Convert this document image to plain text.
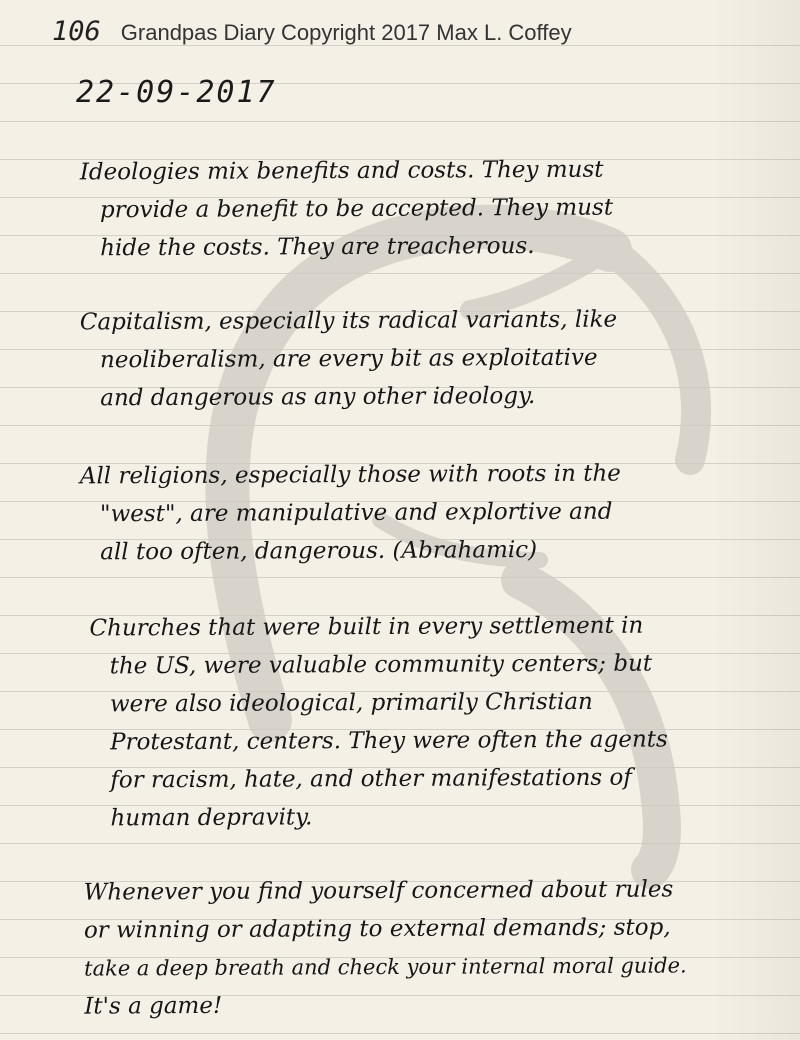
106 Grandpas Diary Copyright 2017 Max L. Coffey
22-09-2017
Ideologies mix benefits and costs. They must
provide a benefit to be accepted. They must
hide the costs. They are treacherous.
Capitalism, especially its radical variants, like
neoliberalism, are every bit as exploitative
and dangerous as any other ideology.
All religions, especially those with roots in the
"west", are manipulative and explortive and
all too often, dangerous. (Abrahamic)
Churches that were built in every settlement in
the US, were valuable community centers; but
were also ideological, primarily Christian
Protestant, centers. They were often the agents
for racism, hate, and other manifestations of
human depravity.
Whenever you find yourself concerned about rules
or winning or adapting to external demands; stop,
take a deep breath and check your internal moral guide.
It's a game!
